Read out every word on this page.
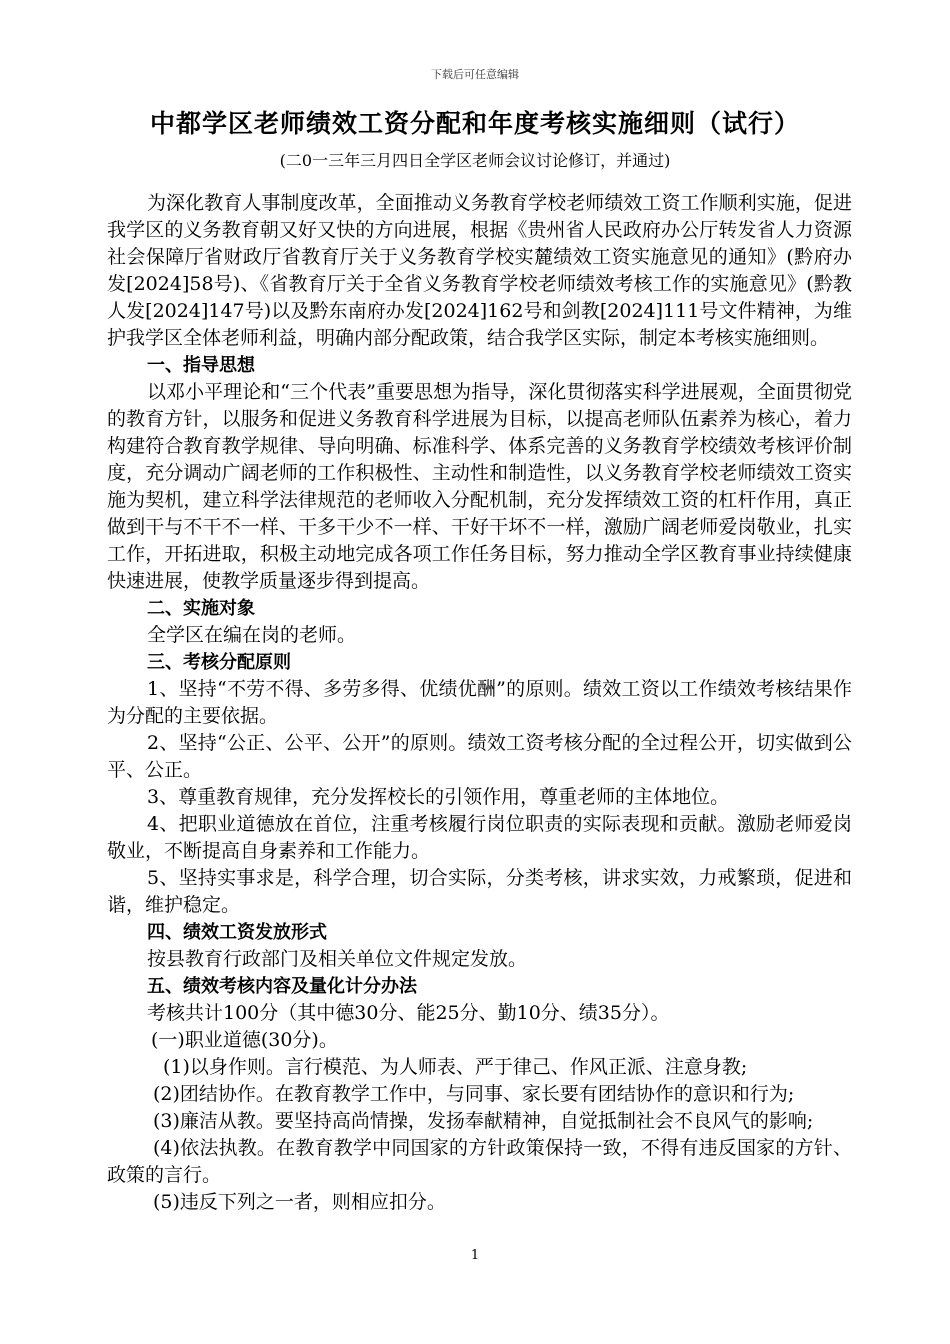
下载后可任意编辑
中都学区老师绩效工资分配和年度考核实施细则（试行）
(二0一三年三月四日全学区老师会议讨论修订，并通过)

为深化教育人事制度改革，全面推动义务教育学校老师绩效工资工作顺利实施，促进我学区的义务教育朝又好又快的方向进展，根据《贵州省人民政府办公厅转发省人力资源社会保障厅省财政厅省教育厅关于义务教育学校实麓绩效工资实施意见的通知》(黔府办发[2024]58号)、《省教育厅关于全省义务教育学校老师绩效考核工作的实施意见》(黔教人发[2024]147号)以及黔东南府办发[2024]162号和剑教[2024]111号文件精神，为维护我学区全体老师利益，明确内部分配政策，结合我学区实际，制定本考核实施细则。

一、指导思想

以邓小平理论和“三个代表”重要思想为指导，深化贯彻落实科学进展观，全面贯彻党的教育方针，以服务和促进义务教育科学进展为目标，以提高老师队伍素养为核心，着力构建符合教育教学规律、导向明确、标准科学、体系完善的义务教育学校绩效考核评价制度，充分调动广阔老师的工作积极性、主动性和制造性，以义务教育学校老师绩效工资实施为契机，建立科学法律规范的老师收入分配机制，充分发挥绩效工资的杠杆作用，真正做到干与不干不一样、干多干少不一样、干好干坏不一样，激励广阔老师爱岗敬业，扎实工作，开拓进取，积极主动地完成各项工作任务目标，努力推动全学区教育事业持续健康快速进展，使教学质量逐步得到提高。

二、实施对象

全学区在编在岗的老师。

三、考核分配原则

1、坚持“不劳不得、多劳多得、优绩优酬”的原则。绩效工资以工作绩效考核结果作为分配的主要依据。

2、坚持“公正、公平、公开”的原则。绩效工资考核分配的全过程公开，切实做到公平、公正。

3、尊重教育规律，充分发挥校长的引领作用，尊重老师的主体地位。

4、把职业道德放在首位，注重考核履行岗位职责的实际表现和贡献。激励老师爱岗敬业，不断提高自身素养和工作能力。

5、坚持实事求是，科学合理，切合实际，分类考核，讲求实效，力戒繁琐，促进和谐，维护稳定。

四、绩效工资发放形式

按县教育行政部门及相关单位文件规定发放。

五、绩效考核内容及量化计分办法

考核共计100分（其中德30分、能25分、勤10分、绩35分）。

(一)职业道德(30分)。

(1)以身作则。言行模范、为人师表、严于律己、作风正派、注意身教;

(2)团结协作。在教育教学工作中，与同事、家长要有团结协作的意识和行为;

(3)廉洁从教。要坚持高尚情操，发扬奉献精神，自觉抵制社会不良风气的影响;

(4)依法执教。在教育教学中同国家的方针政策保持一致，不得有违反国家的方针、政策的言行。

(5)违反下列之一者，则相应扣分。

1
